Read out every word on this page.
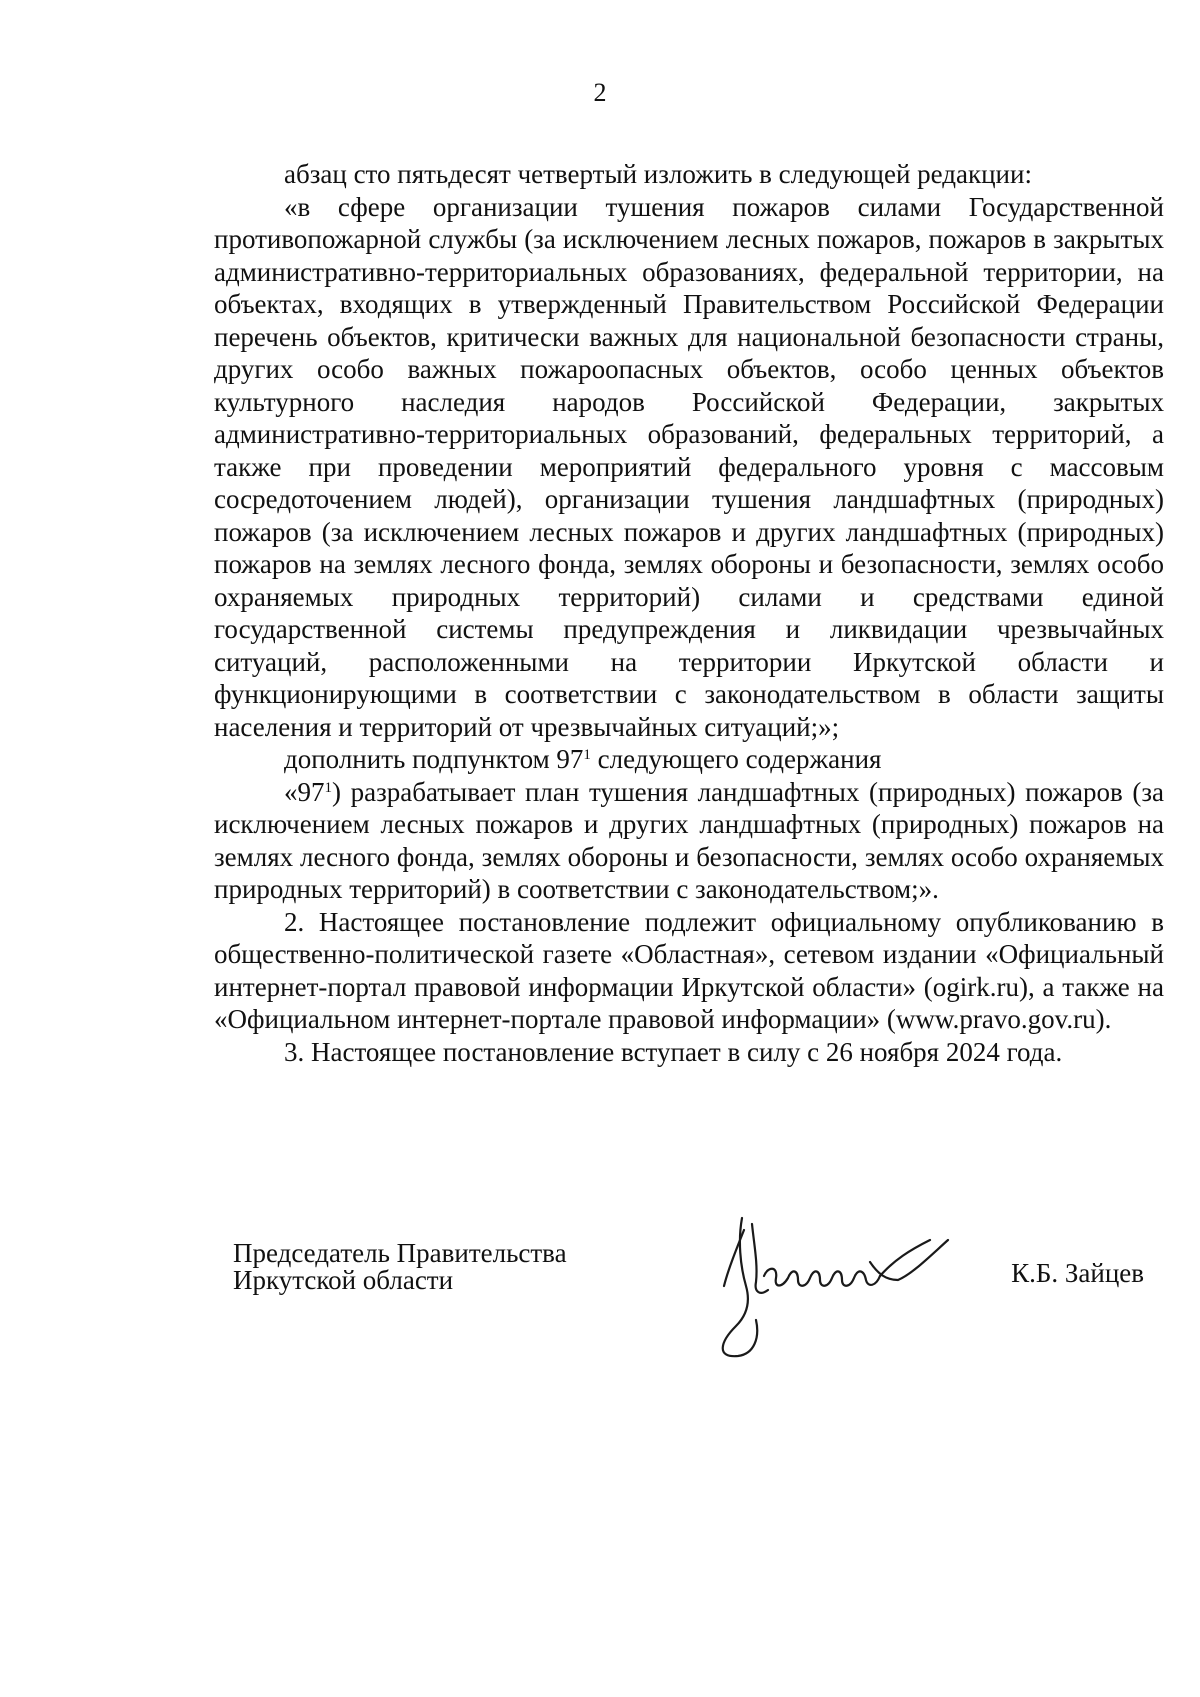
2

абзац сто пятьдесят четвертый изложить в следующей редакции:

«в сфере организации тушения пожаров силами Государственной противопожарной службы (за исключением лесных пожаров, пожаров в закрытых административно-территориальных образованиях, федеральной территории, на объектах, входящих в утвержденный Правительством Российской Федерации перечень объектов, критически важных для национальной безопасности страны, других особо важных пожароопасных объектов, особо ценных объектов культурного наследия народов Российской Федерации, закрытых административно-территориальных образований, федеральных территорий, а также при проведении мероприятий федерального уровня с массовым сосредоточением людей), организации тушения ландшафтных (природных) пожаров (за исключением лесных пожаров и других ландшафтных (природных) пожаров на землях лесного фонда, землях обороны и безопасности, землях особо охраняемых природных территорий) силами и средствами единой государственной системы предупреждения и ликвидации чрезвычайных ситуаций, расположенными на территории Иркутской области и функционирующими в соответствии с законодательством в области защиты населения и территорий от чрезвычайных ситуаций;»;

дополнить подпунктом $97^1$ следующего содержания

«$97^1$) разрабатывает план тушения ландшафтных (природных) пожаров (за исключением лесных пожаров и других ландшафтных (природных) пожаров на землях лесного фонда, землях обороны и безопасности, землях особо охраняемых природных территорий) в соответствии с законодательством;».

2. Настоящее постановление подлежит официальному опубликованию в общественно-политической газете «Областная», сетевом издании «Официальный интернет-портал правовой информации Иркутской области» (ogirk.ru), а также на «Официальном интернет-портале правовой информации» (www.pravo.gov.ru).

3. Настоящее постановление вступает в силу с 26 ноября 2024 года.

Председатель Правительства
Иркутской области	К.Б. Зайцев
